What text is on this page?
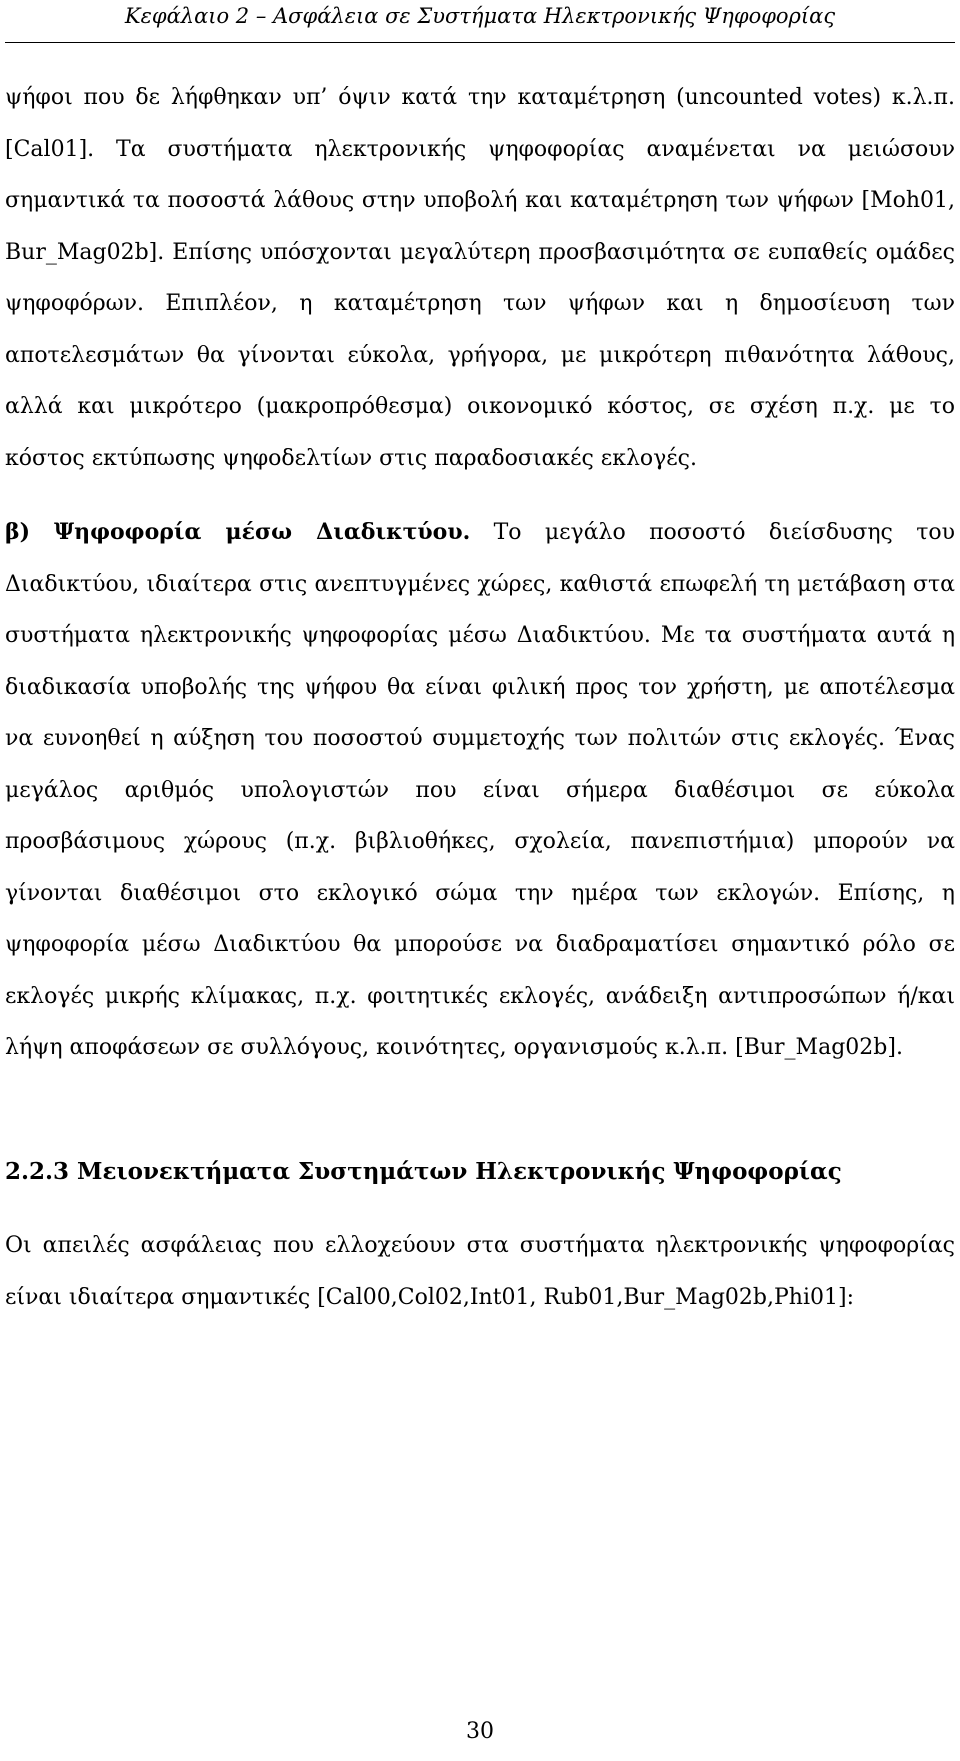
Κεφάλαιο 2 – Ασφάλεια σε Συστήματα Ηλεκτρονικής Ψηφοφορίας

ψήφοι που δε λήφθηκαν υπ’ όψιν κατά την καταμέτρηση (uncounted votes) κ.λ.π. [Cal01]. Τα συστήματα ηλεκτρονικής ψηφοφορίας αναμένεται να μειώσουν σημαντικά τα ποσοστά λάθους στην υποβολή και καταμέτρηση των ψήφων [Moh01, Bur_Mag02b]. Επίσης υπόσχονται μεγαλύτερη προσβασιμότητα σε ευπαθείς ομάδες ψηφοφόρων. Επιπλέον, η καταμέτρηση των ψήφων και η δημοσίευση των αποτελεσμάτων θα γίνονται εύκολα, γρήγορα, με μικρότερη πιθανότητα λάθους, αλλά και μικρότερο (μακροπρόθεσμα) οικονομικό κόστος, σε σχέση π.χ. με το κόστος εκτύπωσης ψηφοδελτίων στις παραδοσιακές εκλογές.

β) Ψηφοφορία μέσω Διαδικτύου. Το μεγάλο ποσοστό διείσδυσης του Διαδικτύου, ιδιαίτερα στις ανεπτυγμένες χώρες, καθιστά επωφελή τη μετάβαση στα συστήματα ηλεκτρονικής ψηφοφορίας μέσω Διαδικτύου. Με τα συστήματα αυτά η διαδικασία υποβολής της ψήφου θα είναι φιλική προς τον χρήστη, με αποτέλεσμα να ευνοηθεί η αύξηση του ποσοστού συμμετοχής των πολιτών στις εκλογές. Ένας μεγάλος αριθμός υπολογιστών που είναι σήμερα διαθέσιμοι σε εύκολα προσβάσιμους χώρους (π.χ. βιβλιοθήκες, σχολεία, πανεπιστήμια) μπορούν να γίνονται διαθέσιμοι στο εκλογικό σώμα την ημέρα των εκλογών. Επίσης, η ψηφοφορία μέσω Διαδικτύου θα μπορούσε να διαδραματίσει σημαντικό ρόλο σε εκλογές μικρής κλίμακας, π.χ. φοιτητικές εκλογές, ανάδειξη αντιπροσώπων ή/και λήψη αποφάσεων σε συλλόγους, κοινότητες, οργανισμούς κ.λ.π. [Bur_Mag02b].

2.2.3 Μειονεκτήματα Συστημάτων Ηλεκτρονικής Ψηφοφορίας

Οι απειλές ασφάλειας που ελλοχεύουν στα συστήματα ηλεκτρονικής ψηφοφορίας είναι ιδιαίτερα σημαντικές [Cal00,Col02,Int01, Rub01,Bur_Mag02b,Phi01]:

30
